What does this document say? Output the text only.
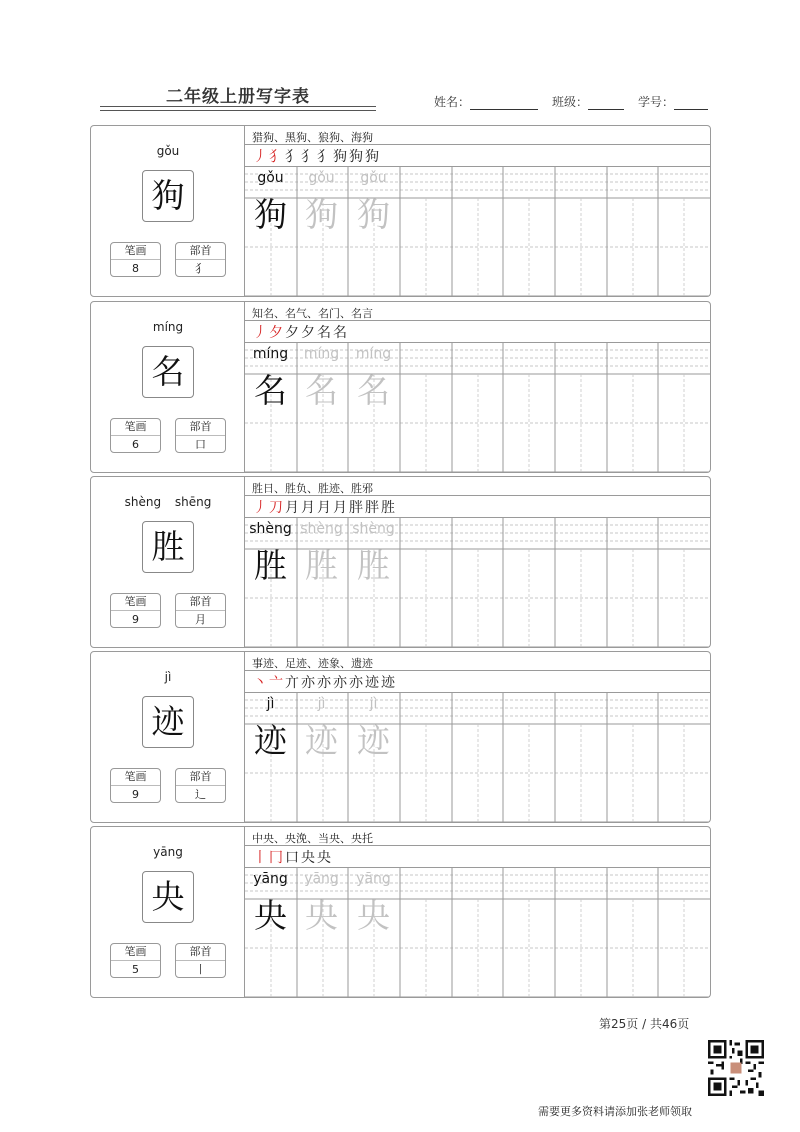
二年级上册写字表	姓名：	班级：	学号：
gǒu
狗
笔画
8
部首
犭
猎狗、黑狗、狼狗、海狗
丿犭犭犭犭狗狗狗
gǒu
狗
gǒu
狗
gǒu
狗
míng
名
笔画
6
部首
口
知名、名气、名门、名言
丿夕夕夕名名
míng
名
míng
名
míng
名
shèng shēng
胜
笔画
9
部首
月
胜日、胜负、胜迹、胜邪
丿刀月月月月胖胖胜
shèng
胜
shèng
胜
shèng
胜
jì
迹
笔画
9
部首
辶
事迹、足迹、迹象、遗迹
丶亠亣亦亦亦亦迹迹
jì
迹
jì
迹
jì
迹
yāng
央
笔画
5
部首
丨
中央、央浼、当央、央托
丨冂口央央
yāng
央
yāng
央
yāng
央
第25页 / 共46页
需要更多资料请添加张老师领取
